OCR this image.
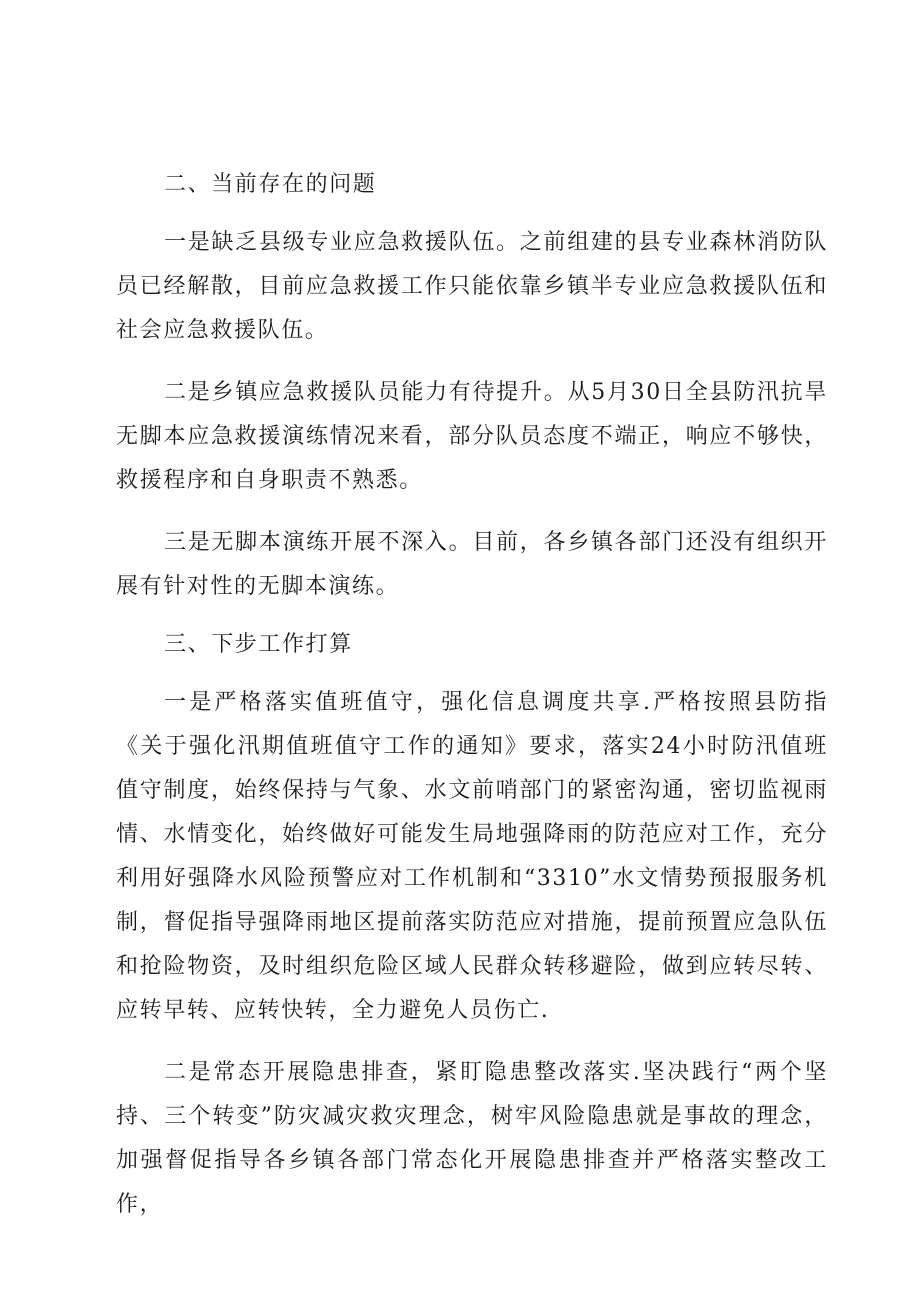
二、当前存在的问题

一是缺乏县级专业应急救援队伍。之前组建的县专业森林消防队员已经解散，目前应急救援工作只能依靠乡镇半专业应急救援队伍和社会应急救援队伍。

二是乡镇应急救援队员能力有待提升。从5月30日全县防汛抗旱无脚本应急救援演练情况来看，部分队员态度不端正，响应不够快，救援程序和自身职责不熟悉。

三是无脚本演练开展不深入。目前，各乡镇各部门还没有组织开展有针对性的无脚本演练。

三、下步工作打算

一是严格落实值班值守，强化信息调度共享.严格按照县防指《关于强化汛期值班值守工作的通知》要求，落实24小时防汛值班值守制度，始终保持与气象、水文前哨部门的紧密沟通，密切监视雨情、水情变化，始终做好可能发生局地强降雨的防范应对工作，充分利用好强降水风险预警应对工作机制和“3310”水文情势预报服务机制，督促指导强降雨地区提前落实防范应对措施，提前预置应急队伍和抢险物资，及时组织危险区域人民群众转移避险，做到应转尽转、应转早转、应转快转，全力避免人员伤亡.

二是常态开展隐患排查，紧盯隐患整改落实.坚决践行“两个坚持、三个转变”防灾减灾救灾理念，树牢风险隐患就是事故的理念，加强督促指导各乡镇各部门常态化开展隐患排查并严格落实整改工作，
